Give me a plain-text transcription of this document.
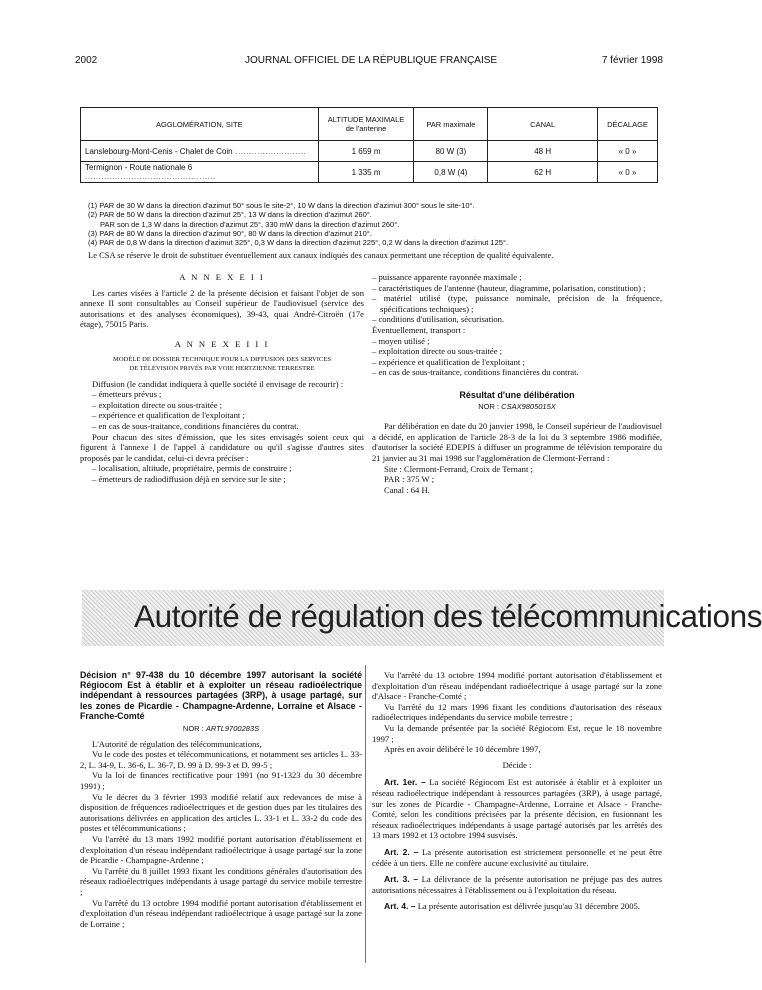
2002	JOURNAL OFFICIEL DE LA RÉPUBLIQUE FRANÇAISE	7 février 1998
AGGLOMÉRATION, SITE	ALTITUDE MAXIMALE de l'antenne	PAR maximale	CANAL	DÉCALAGE
Lanslebourg-Mont-Cenis - Chalet de Coin ..........................	1 659 m	80 W (3)	48 H	« 0 »
Termignon - Route nationale 6 ................................................	1 335 m	0,8 W (4)	62 H	« 0 »
(1) PAR de 30 W dans la direction d'azimut 50° sous le site-2°, 10 W dans la direction d'azimut 300° sous le site-10°.
(2) PAR de 50 W dans la direction d'azimut 25°, 13 W dans la direction d'azimut 260°.
PAR son de 1,3 W dans la direction d'azimut 25°, 330 mW dans la direction d'azimut 260°.
(3) PAR de 80 W dans la direction d'azimut 90°, 80 W dans la direction d'azimut 210°.
(4) PAR de 0,8 W dans la direction d'azimut 325°, 0,3 W dans la direction d'azimut 225°, 0,2 W dans la direction d'azimut 125°.
Le CSA se réserve le droit de substituer éventuellement aux canaux indiqués des canaux permettant une réception de qualité équivalente.

A N N E X E I I

Les cartes visées à l'article 2 de la présente décision et faisant l'objet de son annexe II sont consultables au Conseil supérieur de l'audiovisuel (service des autorisations et des analyses économiques), 39-43, quai André-Citroën (17e étage), 75015 Paris.

A N N E X E I I I

MODÈLE DE DOSSIER TECHNIQUE POUR LA DIFFUSION DES SERVICES
DE TÉLÉVISION PRIVÉS PAR VOIE HERTZIENNE TERRESTRE

Diffusion (le candidat indiquera à quelle société il envisage de recourir) :

– émetteurs prévus ;

– exploitation directe ou sous-traitée ;

– expérience et qualification de l'exploitant ;

– en cas de sous-traitance, conditions financières du contrat.

Pour chacun des sites d'émission, que les sites envisagés soient ceux qui figurent à l'annexe I de l'appel à candidature ou qu'il s'agisse d'autres sites proposés par le candidat, celui-ci devra préciser :

– localisation, altitude, propriétaire, permis de construire ;

– émetteurs de radiodiffusion déjà en service sur le site ;

– puissance apparente rayonnée maximale ;

– caractéristiques de l'antenne (hauteur, diagramme, polarisation, constitution) ;

– matériel utilisé (type, puissance nominale, précision de la fréquence, spécifications techniques) ;

– conditions d'utilisation, sécurisation.

Éventuellement, transport :

– moyen utilisé ;

– exploitation directe ou sous-traitée ;

– expérience et qualification de l'exploitant ;

– en cas de sous-traitance, conditions financières du contrat.

Résultat d'une délibération

NOR : CSAX9805015X

Par délibération en date du 20 janvier 1998, le Conseil supérieur de l'audiovisuel a décidé, en application de l'article 28-3 de la loi du 3 septembre 1986 modifiée, d'autoriser la société EDEPIS à diffuser un programme de télévision temporaire du 21 janvier au 31 mai 1998 sur l'agglomération de Clermont-Ferrand :

Site : Clermont-Ferrand, Croix de Ternant ;

PAR : 375 W ;

Canal : 64 H.

Autorité de régulation des télécommunications

Décision n° 97-438 du 10 décembre 1997 autorisant la société Régiocom Est à établir et à exploiter un réseau radioélectrique indépendant à ressources partagées (3RP), à usage partagé, sur les zones de Picardie - Champagne-Ardenne, Lorraine et Alsace - Franche-Comté

NOR : ARTL9700283S

L'Autorité de régulation des télécommunications,

Vu le code des postes et télécommunications, et notamment ses articles L. 33-2, L. 34-9, L. 36-6, L. 36-7, D. 99 à D. 99-3 et D. 99-5 ;

Vu la loi de finances rectificative pour 1991 (no 91-1323 du 30 décembre 1991) ;

Vu le décret du 3 février 1993 modifié relatif aux redevances de mise à disposition de fréquences radioélectriques et de gestion dues par les titulaires des autorisations délivrées en application des articles L. 33-1 et L. 33-2 du code des postes et télécommunications ;

Vu l'arrêté du 13 mars 1992 modifié portant autorisation d'établissement et d'exploitation d'un réseau indépendant radioélectrique à usage partagé sur la zone de Picardie - Champagne-Ardenne ;

Vu l'arrêté du 8 juillet 1993 fixant les conditions générales d'autorisation des réseaux radioélectriques indépendants à usage partagé du service mobile terrestre ;

Vu l'arrêté du 13 octobre 1994 modifié portant autorisation d'établissement et d'exploitation d'un réseau indépendant radioélectrique à usage partagé sur la zone de Lorraine ;

Vu l'arrêté du 13 octobre 1994 modifié portant autorisation d'établissement et d'exploitation d'un réseau indépendant radioélectrique à usage partagé sur la zone d'Alsace - Franche-Comté ;

Vu l'arrêté du 12 mars 1996 fixant les conditions d'autorisation des réseaux radioélectriques indépendants du service mobile terrestre ;

Vu la demande présentée par la société Régiocom Est, reçue le 18 novembre 1997 ;

Après en avoir délibéré le 10 décembre 1997,

Décide :

Art. 1er. – La société Régiocom Est est autorisée à établir et à exploiter un réseau radioélectrique indépendant à ressources partagées (3RP), à usage partagé, sur les zones de Picardie - Champagne-Ardenne, Lorraine et Alsace - Franche-Comté, selon les conditions précisées par la présente décision, en fusionnant les réseaux radioélectriques indépendants à usage partagé autorisés par les arrêtés des 13 mars 1992 et 13 octobre 1994 susvisés.

Art. 2. – La présente autorisation est strictement personnelle et ne peut être cédée à un tiers. Elle ne confère aucune exclusivité au titulaire.

Art. 3. – La délivrance de la présente autorisation ne préjuge pas des autres autorisations nécessaires à l'établissement ou à l'exploitation du réseau.

Art. 4. – La présente autorisation est délivrée jusqu'au 31 décembre 2005.
